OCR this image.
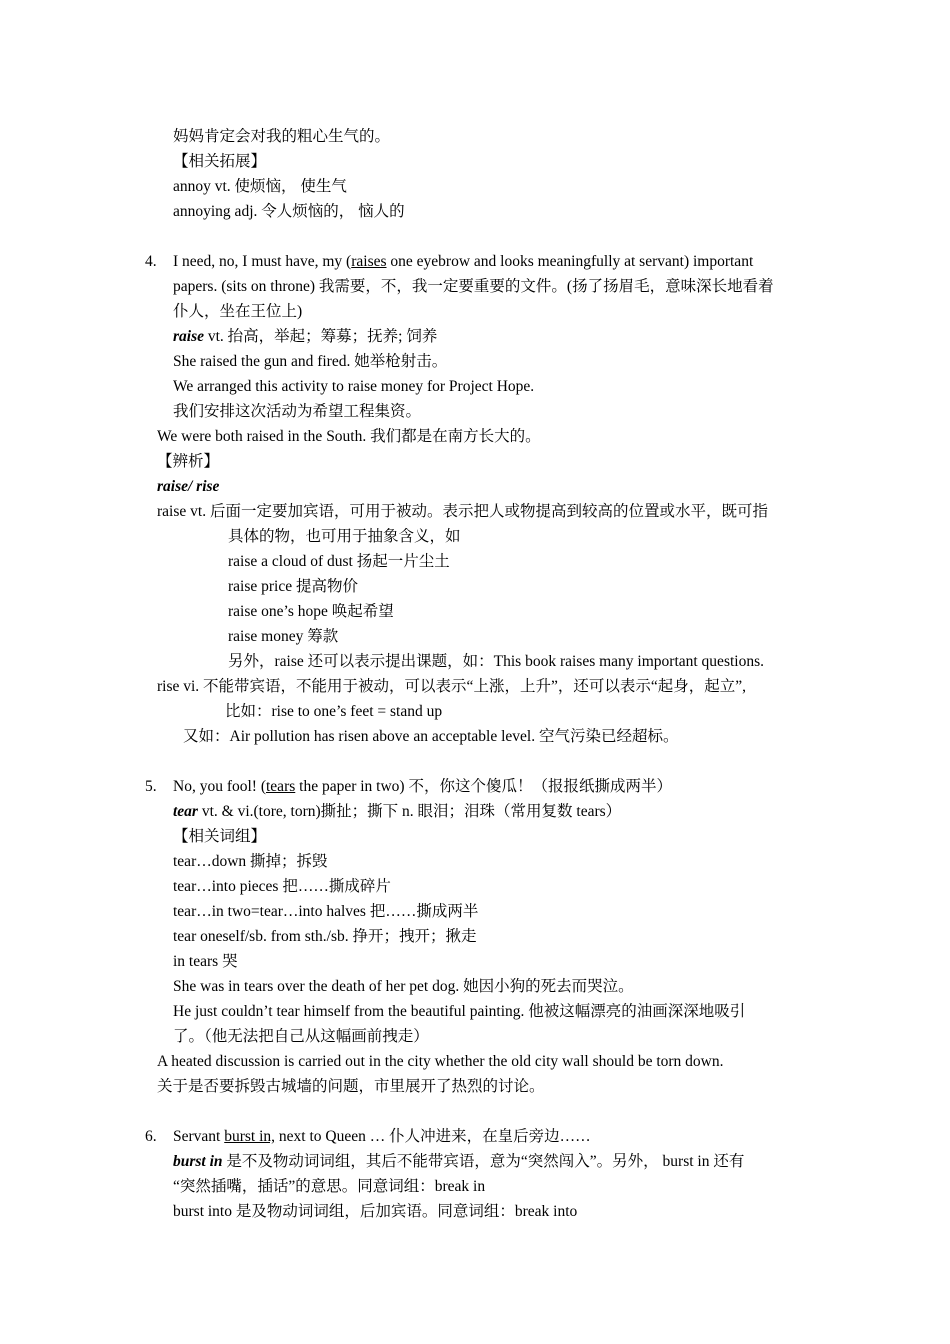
妈妈肯定会对我的粗心生气的。
【相关拓展】
annoy vt. 使烦恼， 使生气
annoying adj. 令人烦恼的， 恼人的
4. I need, no, I must have, my (raises one eyebrow and looks meaningfully at servant) important
papers. (sits on throne) 我需要，不，我一定要重要的文件。(扬了扬眉毛，意味深长地看着
仆人，坐在王位上)
raise vt. 抬高，举起；筹募；抚养; 饲养
She raised the gun and fired. 她举枪射击。
We arranged this activity to raise money for Project Hope.
我们安排这次活动为希望工程集资。
We were both raised in the South. 我们都是在南方长大的。
【辨析】
raise/ rise
raise vt. 后面一定要加宾语，可用于被动。表示把人或物提高到较高的位置或水平，既可指
具体的物，也可用于抽象含义，如
raise a cloud of dust 扬起一片尘土
raise price 提高物价
raise one’s hope 唤起希望
raise money 筹款
另外，raise 还可以表示提出课题，如：This book raises many important questions.
rise vi. 不能带宾语，不能用于被动，可以表示“上涨，上升”，还可以表示“起身，起立”,
比如：rise to one’s feet = stand up
又如：Air pollution has risen above an acceptable level. 空气污染已经超标。
5. No, you fool! (tears the paper in two) 不，你这个傻瓜！（报报纸撕成两半）
tear vt. & vi.(tore, torn)撕扯；撕下 n. 眼泪；泪珠（常用复数 tears）
【相关词组】
tear…down 撕掉；拆毁
tear…into pieces 把……撕成碎片
tear…in two=tear…into halves 把……撕成两半
tear oneself/sb. from sth./sb. 挣开；拽开；揪走
in tears 哭
She was in tears over the death of her pet dog. 她因小狗的死去而哭泣。
He just couldn’t tear himself from the beautiful painting. 他被这幅漂亮的油画深深地吸引
了。（他无法把自己从这幅画前拽走）
A heated discussion is carried out in the city whether the old city wall should be torn down.
关于是否要拆毁古城墙的问题，市里展开了热烈的讨论。
6. Servant burst in, next to Queen … 仆人冲进来，在皇后旁边……
burst in 是不及物动词词组，其后不能带宾语，意为“突然闯入”。另外， burst in 还有
“突然插嘴，插话”的意思。同意词组：break in
burst into 是及物动词词组，后加宾语。同意词组：break into
